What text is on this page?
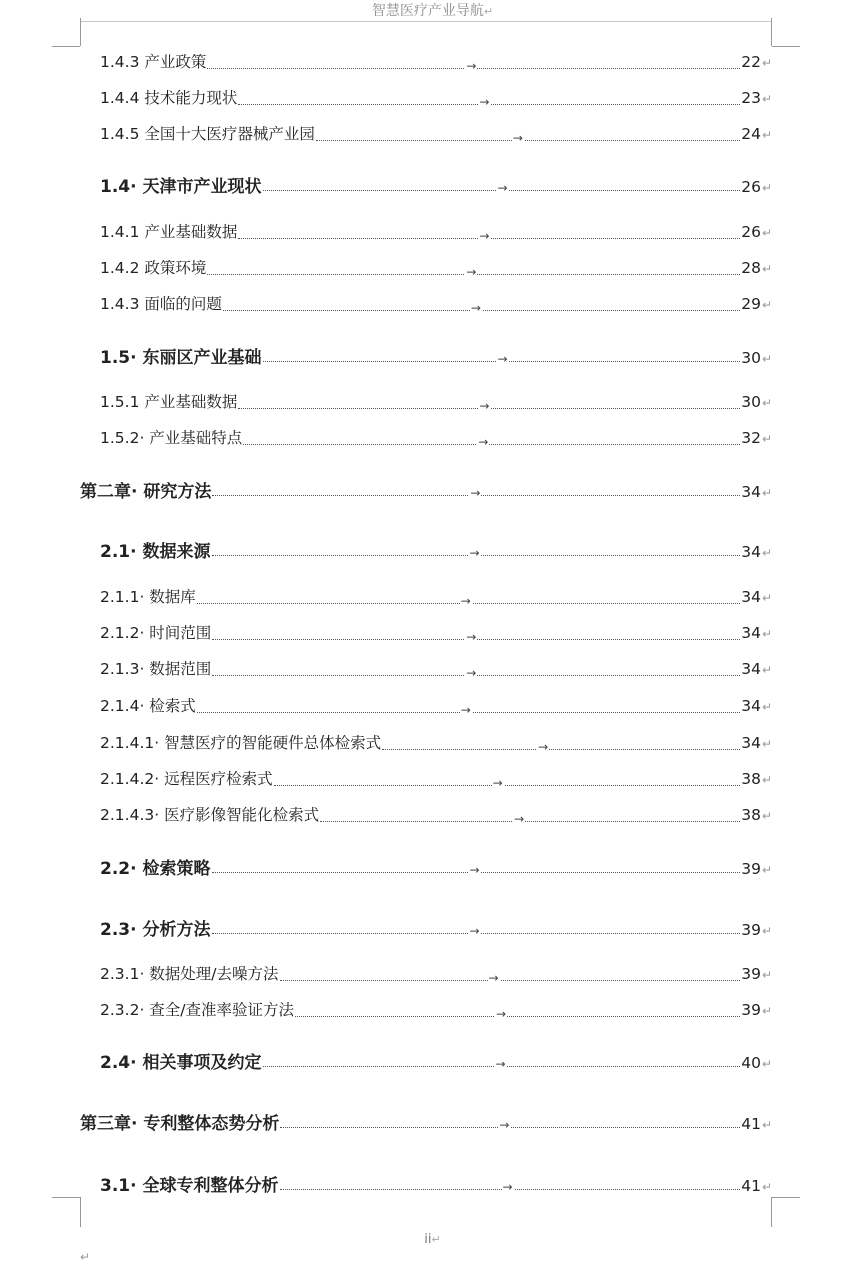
智慧医疗产业导航↵
1.4.3 产业政策	→	22 ↵
1.4.4 技术能力现状	→	23 ↵
1.4.5 全国十大医疗器械产业园	→	24 ↵
1.4· 天津市产业现状	→	26 ↵
1.4.1 产业基础数据	→	26 ↵
1.4.2 政策环境	→	28 ↵
1.4.3 面临的问题	→	29 ↵
1.5· 东丽区产业基础	→	30 ↵
1.5.1 产业基础数据	→	30 ↵
1.5.2· 产业基础特点	→	32 ↵
第二章· 研究方法	→	34 ↵
2.1· 数据来源	→	34 ↵
2.1.1· 数据库	→	34 ↵
2.1.2· 时间范围	→	34 ↵
2.1.3· 数据范围	→	34 ↵
2.1.4· 检索式	→	34 ↵
2.1.4.1· 智慧医疗的智能硬件总体检索式	→	34 ↵
2.1.4.2· 远程医疗检索式	→	38 ↵
2.1.4.3· 医疗影像智能化检索式	→	38 ↵
2.2· 检索策略	→	39 ↵
2.3· 分析方法	→	39 ↵
2.3.1· 数据处理/去噪方法	→	39 ↵
2.3.2· 查全/查准率验证方法	→	39 ↵
2.4· 相关事项及约定	→	40 ↵
第三章· 专利整体态势分析	→	41 ↵
3.1· 全球专利整体分析	→	41 ↵
ii↵
↵
